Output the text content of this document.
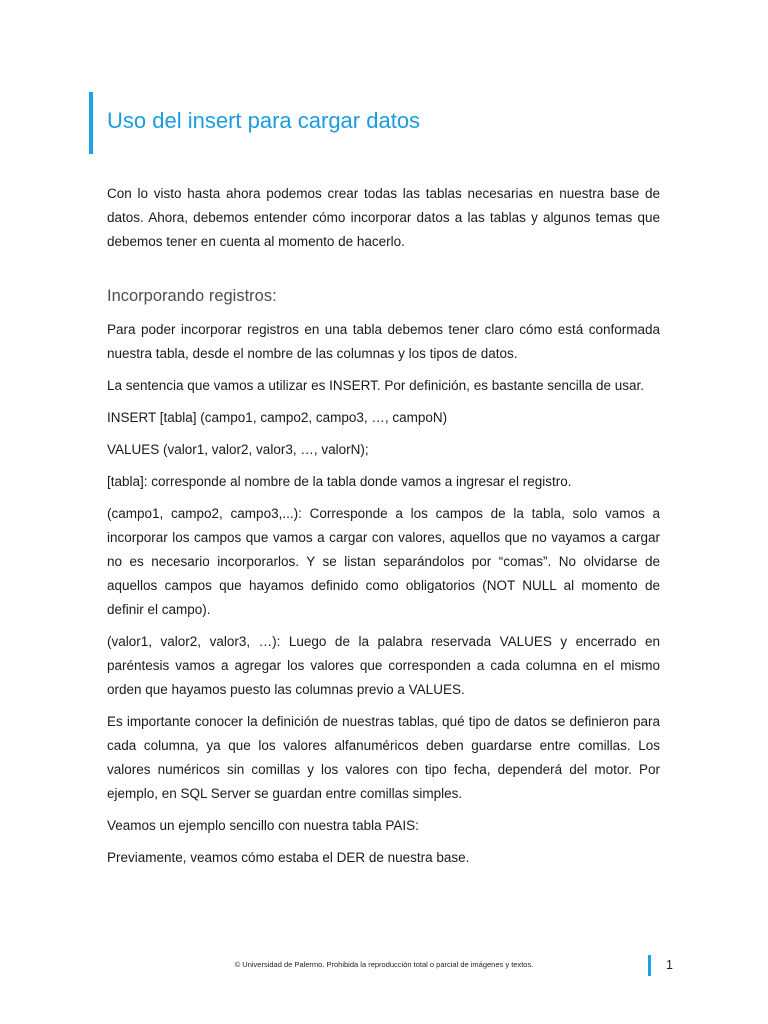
Uso del insert para cargar datos

Con lo visto hasta ahora podemos crear todas las tablas necesarias en nuestra base de datos. Ahora, debemos entender cómo incorporar datos a las tablas y algunos temas que debemos tener en cuenta al momento de hacerlo.

Incorporando registros:

Para poder incorporar registros en una tabla debemos tener claro cómo está conformada nuestra tabla, desde el nombre de las columnas y los tipos de datos.

La sentencia que vamos a utilizar es INSERT. Por definición, es bastante sencilla de usar.

INSERT [tabla] (campo1, campo2, campo3, …, campoN)

VALUES (valor1, valor2, valor3, …, valorN);

[tabla]: corresponde al nombre de la tabla donde vamos a ingresar el registro.

(campo1, campo2, campo3,...): Corresponde a los campos de la tabla, solo vamos a incorporar los campos que vamos a cargar con valores, aquellos que no vayamos a cargar no es necesario incorporarlos. Y se listan separándolos por “comas”. No olvidarse de aquellos campos que hayamos definido como obligatorios (NOT NULL al momento de definir el campo).

(valor1, valor2, valor3, …): Luego de la palabra reservada VALUES y encerrado en paréntesis vamos a agregar los valores que corresponden a cada columna en el mismo orden que hayamos puesto las columnas previo a VALUES.

Es importante conocer la definición de nuestras tablas, qué tipo de datos se definieron para cada columna, ya que los valores alfanuméricos deben guardarse entre comillas. Los valores numéricos sin comillas y los valores con tipo fecha, dependerá del motor. Por ejemplo, en SQL Server se guardan entre comillas simples.

Veamos un ejemplo sencillo con nuestra tabla PAIS:

Previamente, veamos cómo estaba el DER de nuestra base.

© Universidad de Palermo. Prohibida la reproducción total o parcial de imágenes y textos.	1
